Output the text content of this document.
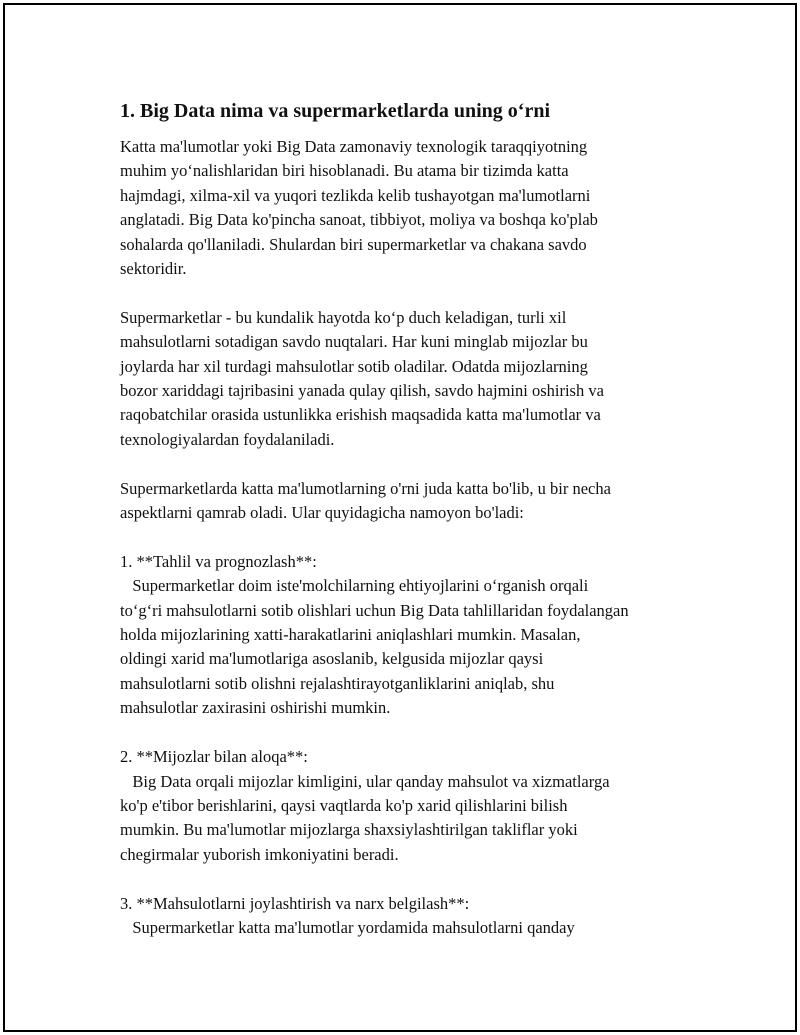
1. Big Data nima va supermarketlarda uning o‘rni

Katta ma'lumotlar yoki Big Data zamonaviy texnologik taraqqiyotning
muhim yo‘nalishlaridan biri hisoblanadi. Bu atama bir tizimda katta
hajmdagi, xilma-xil va yuqori tezlikda kelib tushayotgan ma'lumotlarni
anglatadi. Big Data ko'pincha sanoat, tibbiyot, moliya va boshqa ko'plab
sohalarda qo'llaniladi. Shulardan biri supermarketlar va chakana savdo
sektoridir.

Supermarketlar - bu kundalik hayotda ko‘p duch keladigan, turli xil
mahsulotlarni sotadigan savdo nuqtalari. Har kuni minglab mijozlar bu
joylarda har xil turdagi mahsulotlar sotib oladilar. Odatda mijozlarning
bozor xariddagi tajribasini yanada qulay qilish, savdo hajmini oshirish va
raqobatchilar orasida ustunlikka erishish maqsadida katta ma'lumotlar va
texnologiyalardan foydalaniladi.

Supermarketlarda katta ma'lumotlarning o'rni juda katta bo'lib, u bir necha
aspektlarni qamrab oladi. Ular quyidagicha namoyon bo'ladi:

1. **Tahlil va prognozlash**:
Supermarketlar doim iste'molchilarning ehtiyojlarini o‘rganish orqali
to‘g‘ri mahsulotlarni sotib olishlari uchun Big Data tahlillaridan foydalangan
holda mijozlarining xatti-harakatlarini aniqlashlari mumkin. Masalan,
oldingi xarid ma'lumotlariga asoslanib, kelgusida mijozlar qaysi
mahsulotlarni sotib olishni rejalashtirayotganliklarini aniqlab, shu
mahsulotlar zaxirasini oshirishi mumkin.

2. **Mijozlar bilan aloqa**:
Big Data orqali mijozlar kimligini, ular qanday mahsulot va xizmatlarga
ko'p e'tibor berishlarini, qaysi vaqtlarda ko'p xarid qilishlarini bilish
mumkin. Bu ma'lumotlar mijozlarga shaxsiylashtirilgan takliflar yoki
chegirmalar yuborish imkoniyatini beradi.

3. **Mahsulotlarni joylashtirish va narx belgilash**:
Supermarketlar katta ma'lumotlar yordamida mahsulotlarni qanday
